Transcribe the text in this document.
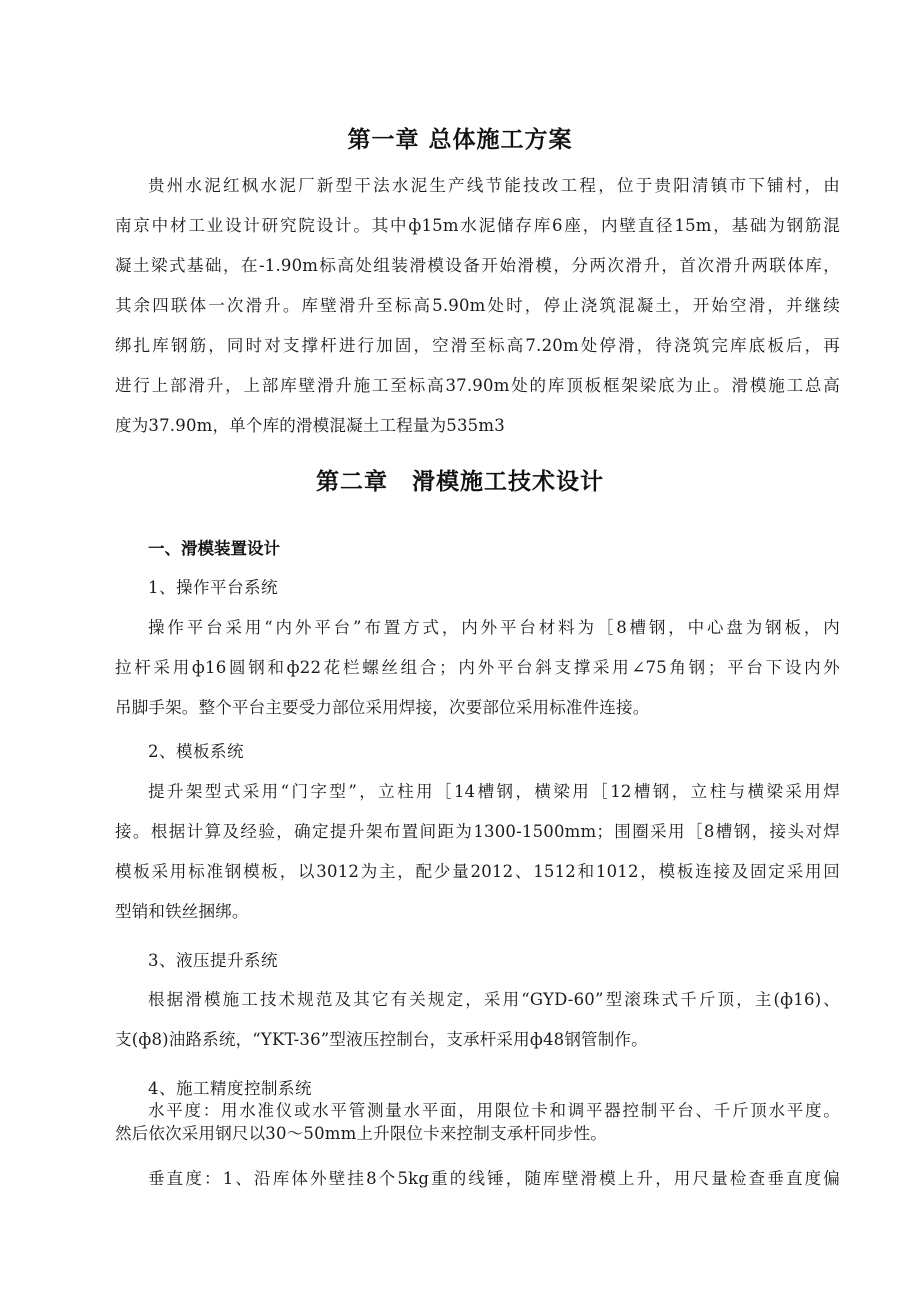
第一章 总体施工方案
贵州水泥红枫水泥厂新型干法水泥生产线节能技改工程，位于贵阳清镇市下铺村，由
南京中材工业设计研究院设计。其中ф15m水泥储存库6座，内壁直径15m，基础为钢筋混
凝土梁式基础，在-1.90m标高处组装滑模设备开始滑模，分两次滑升，首次滑升两联体库，
其余四联体一次滑升。库壁滑升至标高5.90m处时，停止浇筑混凝土，开始空滑，并继续
绑扎库钢筋，同时对支撑杆进行加固，空滑至标高7.20m处停滑，待浇筑完库底板后，再
进行上部滑升，上部库壁滑升施工至标高37.90m处的库顶板框架梁底为止。滑模施工总高
度为37.90m，单个库的滑模混凝土工程量为535m3
第二章　滑模施工技术设计
一、滑模装置设计
1、操作平台系统
操作平台采用“内外平台”布置方式，内外平台材料为［8槽钢，中心盘为钢板，内
拉杆采用ф16圆钢和ф22花栏螺丝组合；内外平台斜支撑采用∠75角钢；平台下设内外
吊脚手架。整个平台主要受力部位采用焊接，次要部位采用标准件连接。
2、模板系统
提升架型式采用“门字型”，立柱用［14槽钢，横梁用［12槽钢，立柱与横梁采用焊
接。根据计算及经验，确定提升架布置间距为1300-1500mm；围圈采用［8槽钢，接头对焊
模板采用标准钢模板，以3012为主，配少量2012、1512和1012，模板连接及固定采用回
型销和铁丝捆绑。
3、液压提升系统
根据滑模施工技术规范及其它有关规定，采用“GYD-60”型滚珠式千斤顶，主(ф16)、
支(ф8)油路系统，“YKT-36”型液压控制台，支承杆采用ф48钢管制作。
4、施工精度控制系统
水平度：用水准仪或水平管测量水平面，用限位卡和调平器控制平台、千斤顶水平度。
然后依次采用钢尺以30～50mm上升限位卡来控制支承杆同步性。
垂直度：1、沿库体外壁挂8个5kg重的线锤，随库壁滑模上升，用尺量检查垂直度偏
